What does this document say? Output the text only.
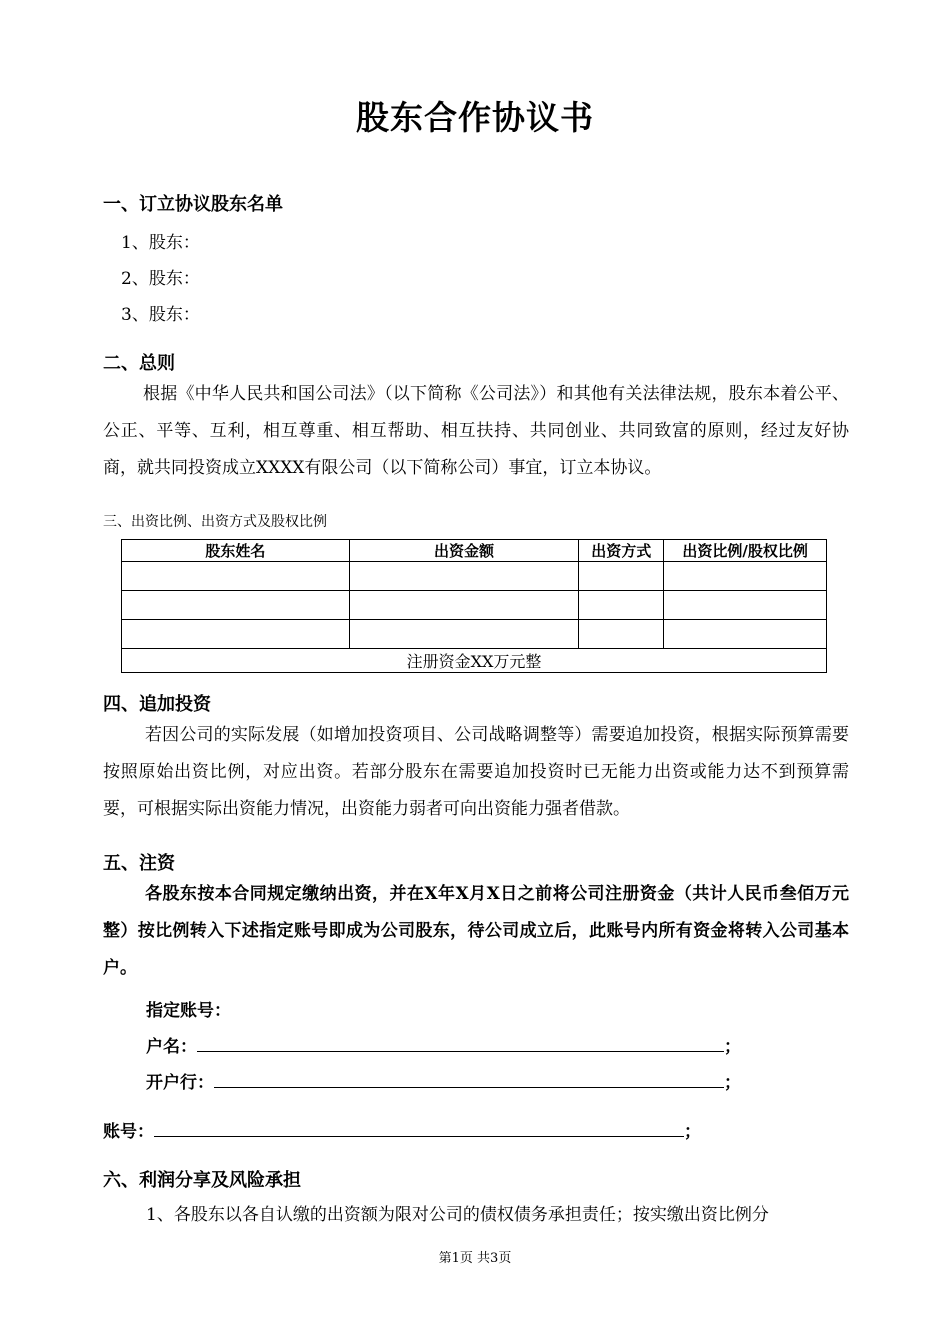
股东合作协议书
一、订立协议股东名单
1、股东：
2、股东：
3、股东：
二、总则
根据《中华人民共和国公司法》（以下简称《公司法》）和其他有关法律法规，股东本着公平、公正、平等、互利，相互尊重、相互帮助、相互扶持、共同创业、共同致富的原则，经过友好协商，就共同投资成立XXXX有限公司（以下简称公司）事宜，订立本协议。
三、出资比例、出资方式及股权比例
股东姓名	出资金额	出资方式	出资比例/股权比例

注册资金XX万元整			
四、追加投资
若因公司的实际发展（如增加投资项目、公司战略调整等）需要追加投资，根据实际预算需要按照原始出资比例，对应出资。若部分股东在需要追加投资时已无能力出资或能力达不到预算需要，可根据实际出资能力情况，出资能力弱者可向出资能力强者借款。
五、注资
各股东按本合同规定缴纳出资，并在X年X月X日之前将公司注册资金（共计人民币叁佰万元整）按比例转入下述指定账号即成为公司股东，待公司成立后，此账号内所有资金将转入公司基本户。
指定账号：
户名：	；
开户行：	；
账号：	；
六、利润分享及风险承担
1、各股东以各自认缴的出资额为限对公司的债权债务承担责任；按实缴出资比例分
第1页 共3页
